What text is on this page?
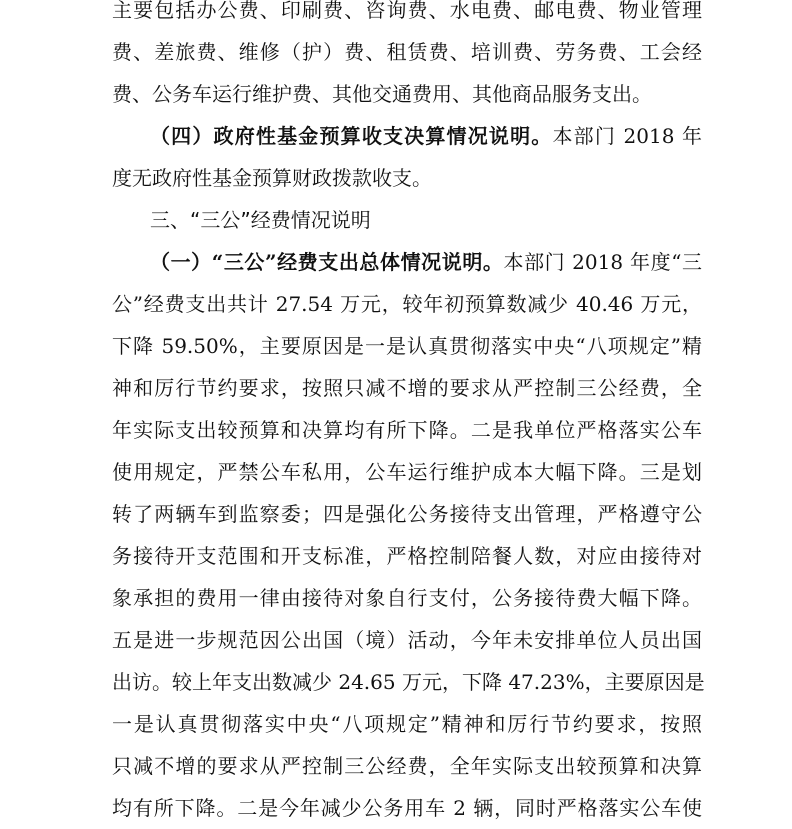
主要包括办公费、印刷费、咨询费、水电费、邮电费、物业管理
费、差旅费、维修（护）费、租赁费、培训费、劳务费、工会经
费、公务车运行维护费、其他交通费用、其他商品服务支出。
（四）政府性基金预算收支决算情况说明。本部门 2018 年
度无政府性基金预算财政拨款收支。
三、“三公”经费情况说明
（一）“三公”经费支出总体情况说明。本部门 2018 年度“三
公”经费支出共计 27.54 万元，较年初预算数减少 40.46 万元，
下降 59.50%，主要原因是一是认真贯彻落实中央“八项规定”精
神和厉行节约要求，按照只减不增的要求从严控制三公经费，全
年实际支出较预算和决算均有所下降。二是我单位严格落实公车
使用规定，严禁公车私用，公车运行维护成本大幅下降。三是划
转了两辆车到监察委；四是强化公务接待支出管理，严格遵守公
务接待开支范围和开支标准，严格控制陪餐人数，对应由接待对
象承担的费用一律由接待对象自行支付，公务接待费大幅下降。
五是进一步规范因公出国（境）活动，今年未安排单位人员出国
出访。较上年支出数减少 24.65 万元，下降 47.23%，主要原因是
一是认真贯彻落实中央“八项规定”精神和厉行节约要求，按照
只减不增的要求从严控制三公经费，全年实际支出较预算和决算
均有所下降。二是今年减少公务用车 2 辆，同时严格落实公车使
